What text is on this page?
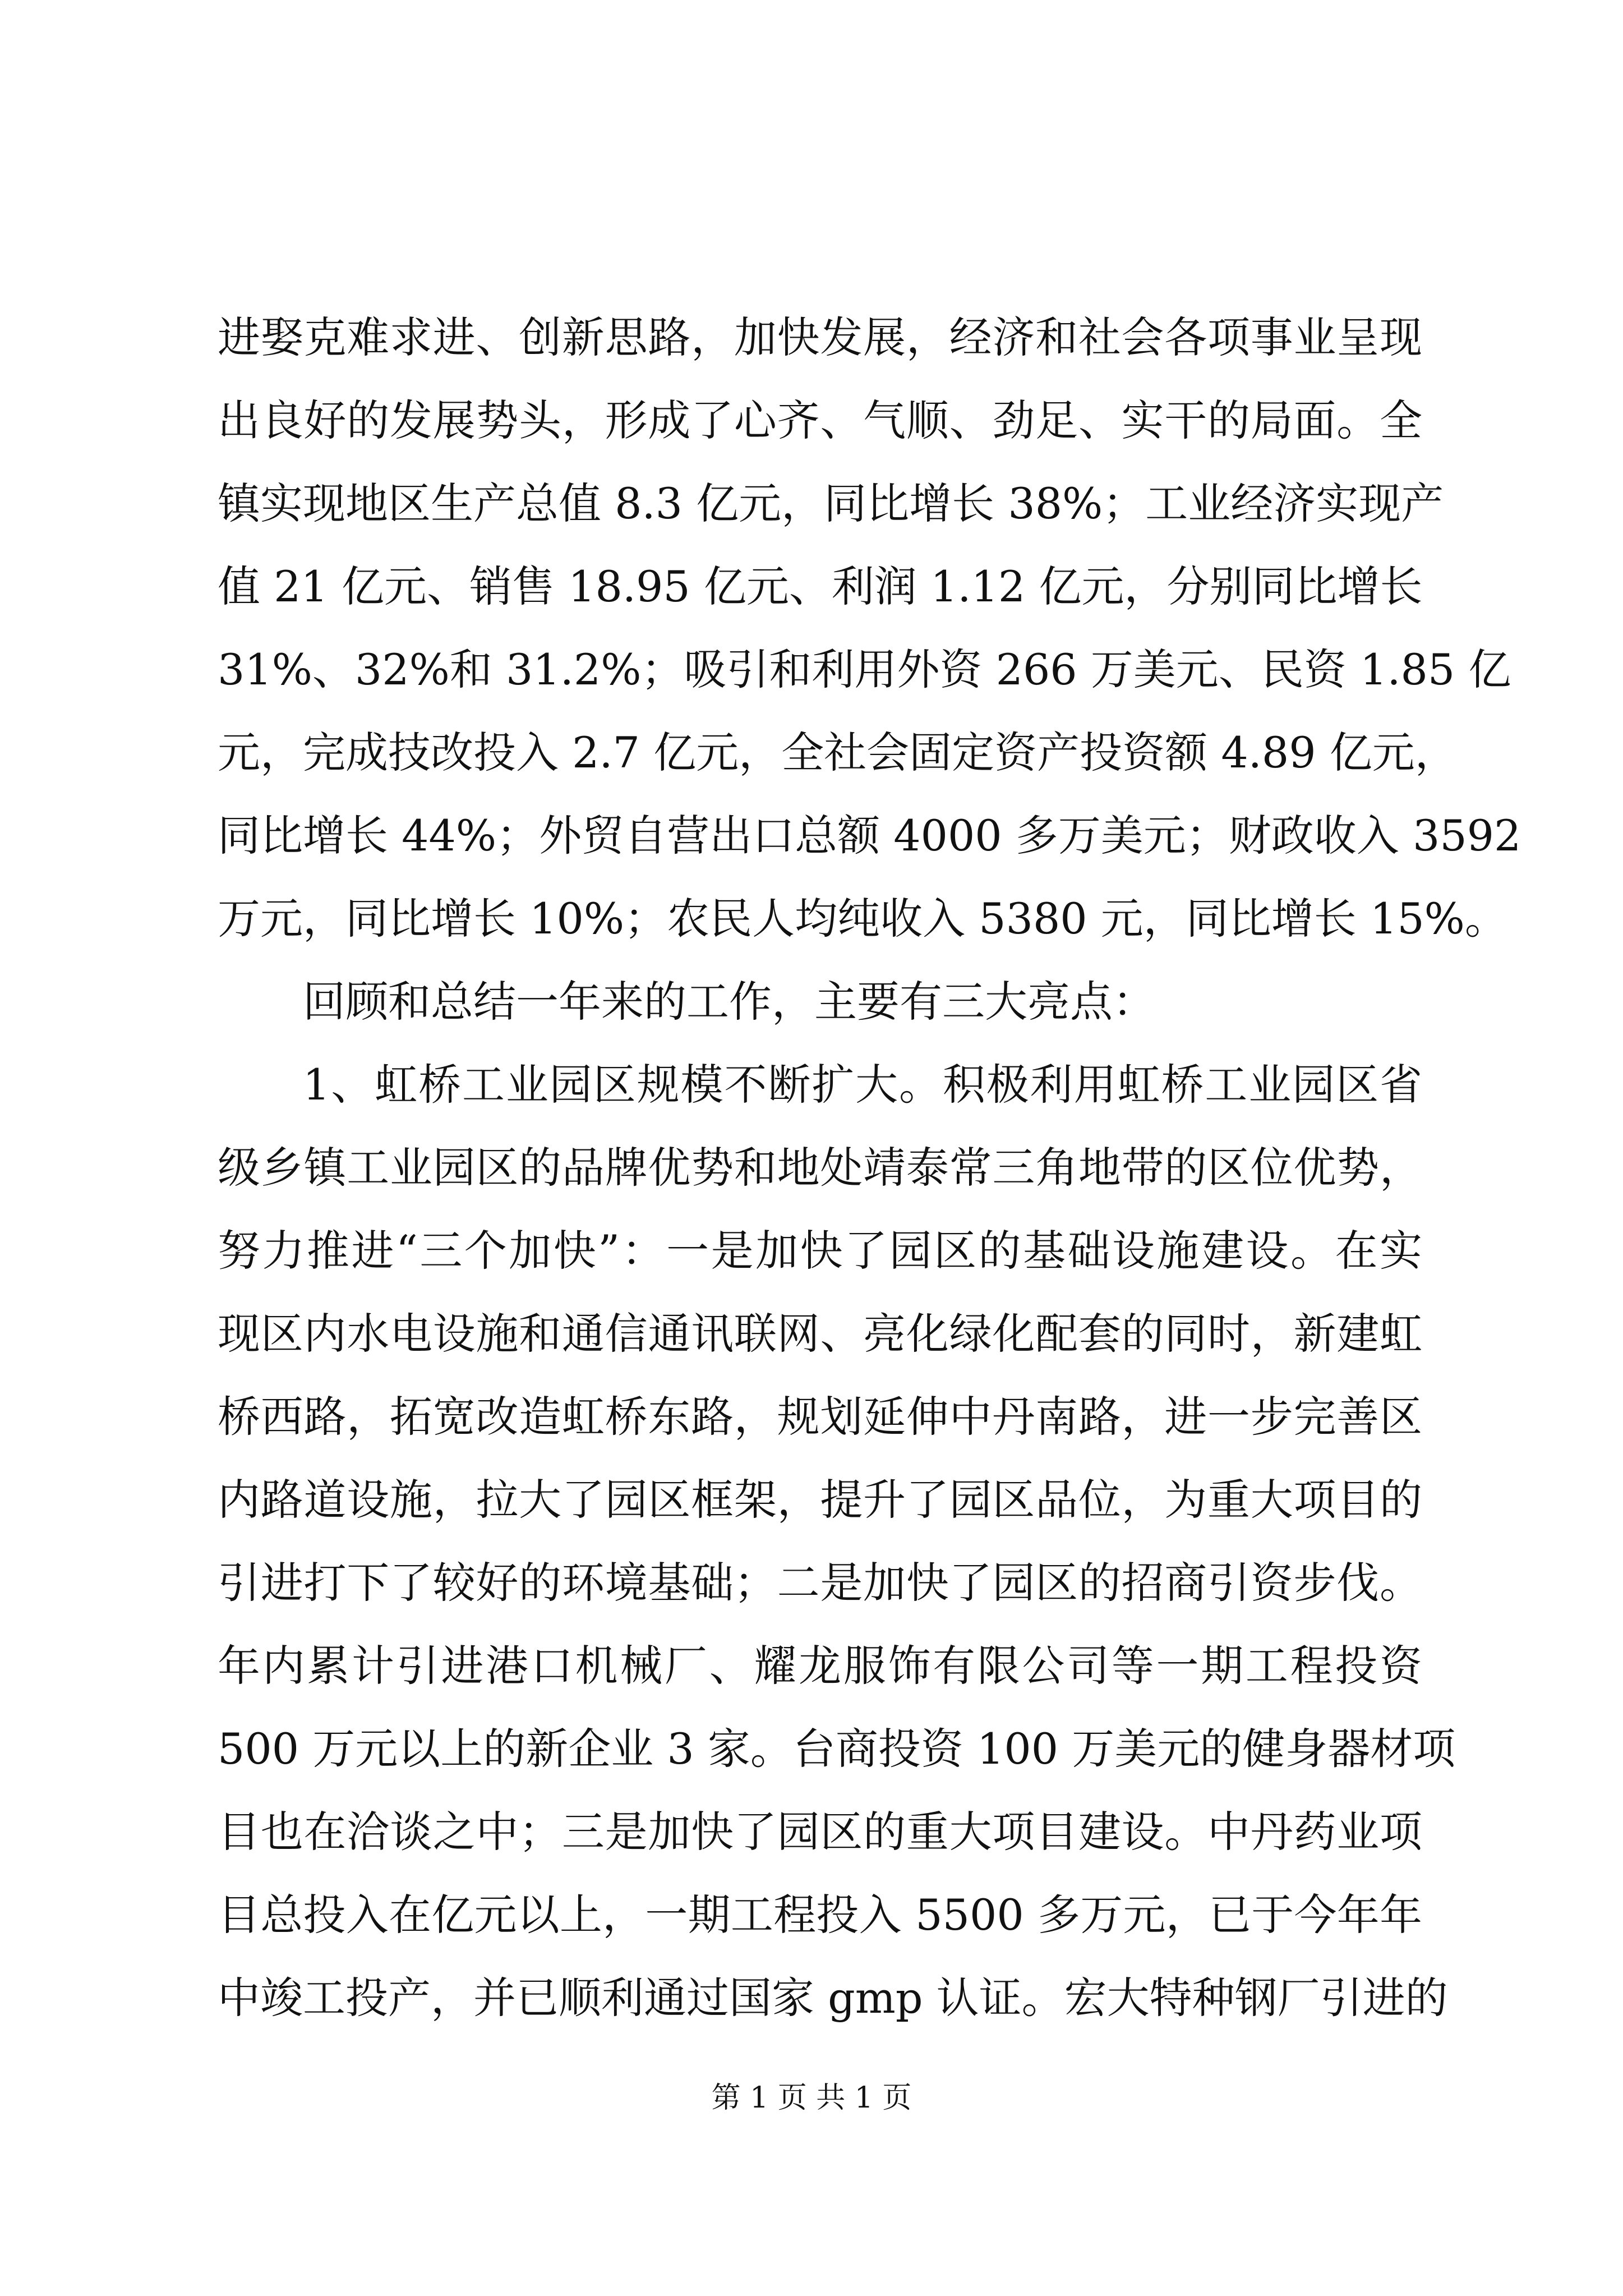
进娶克难求进、创新思路，加快发展，经济和社会各项事业呈现
出良好的发展势头，形成了心齐、气顺、劲足、实干的局面。全
镇实现地区生产总值 8.3 亿元，同比增长 38%；工业经济实现产
值 21 亿元、销售 18.95 亿元、利润 1.12 亿元，分别同比增长
31%、32%和 31.2%；吸引和利用外资 266 万美元、民资 1.85 亿
元，完成技改投入 2.7 亿元，全社会固定资产投资额 4.89 亿元，
同比增长 44%；外贸自营出口总额 4000 多万美元；财政收入 3592
万元，同比增长 10%；农民人均纯收入 5380 元，同比增长 15%。
回顾和总结一年来的工作，主要有三大亮点：
1、虹桥工业园区规模不断扩大。积极利用虹桥工业园区省
级乡镇工业园区的品牌优势和地处靖泰常三角地带的区位优势，
努力推进“三个加快”：一是加快了园区的基础设施建设。在实
现区内水电设施和通信通讯联网、亮化绿化配套的同时，新建虹
桥西路，拓宽改造虹桥东路，规划延伸中丹南路，进一步完善区
内路道设施，拉大了园区框架，提升了园区品位，为重大项目的
引进打下了较好的环境基础；二是加快了园区的招商引资步伐。
年内累计引进港口机械厂、耀龙服饰有限公司等一期工程投资
500 万元以上的新企业 3 家。台商投资 100 万美元的健身器材项
目也在洽谈之中；三是加快了园区的重大项目建设。中丹药业项
目总投入在亿元以上，一期工程投入 5500 多万元，已于今年年
中竣工投产，并已顺利通过国家 gmp 认证。宏大特种钢厂引进的
第 1 页 共 1 页
